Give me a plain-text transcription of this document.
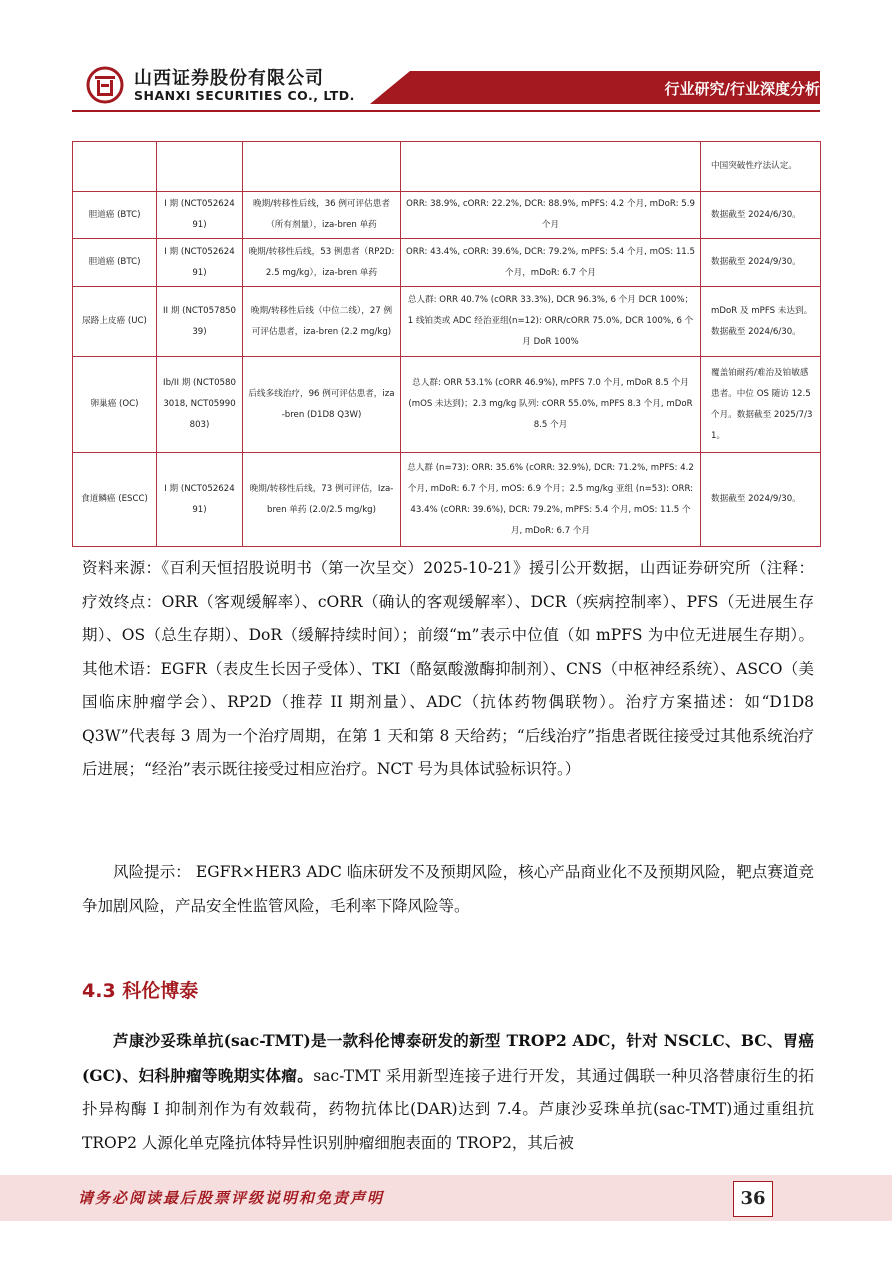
山西证券股份有限公司
SHANXI SECURITIES CO., LTD.	行业研究/行业深度分析
				中国突破性疗法认定。
胆道癌 (BTC)	I 期 (NCT05262491)	晚期/转移性后线，36 例可评估患者（所有剂量），iza-bren 单药	ORR: 38.9%, cORR: 22.2%, DCR: 88.9%, mPFS: 4.2 个月, mDoR: 5.9 个月	数据截至 2024/6/30。
胆道癌 (BTC)	I 期 (NCT05262491)	晚期/转移性后线，53 例患者（RP2D: 2.5 mg/kg），iza-bren 单药	ORR: 43.4%, cORR: 39.6%, DCR: 79.2%, mPFS: 5.4 个月, mOS: 11.5 个月，mDoR: 6.7 个月	数据截至 2024/9/30。
尿路上皮癌 (UC)	II 期 (NCT05785039)	晚期/转移性后线（中位二线），27 例可评估患者，iza-bren (2.2 mg/kg)	总人群: ORR 40.7% (cORR 33.3%), DCR 96.3%, 6 个月 DCR 100%；1 线铂类或 ADC 经治亚组(n=12): ORR/cORR 75.0%, DCR 100%, 6 个月 DoR 100%	mDoR 及 mPFS 未达到。数据截至 2024/6/30。
卵巢癌 (OC)	Ib/II 期 (NCT05803018, NCT05990803)	后线多线治疗，96 例可评估患者，iza-bren (D1D8 Q3W)	总人群: ORR 53.1% (cORR 46.9%), mPFS 7.0 个月, mDoR 8.5 个月 (mOS 未达到)；2.3 mg/kg 队列: cORR 55.0%, mPFS 8.3 个月, mDoR 8.5 个月	覆盖铂耐药/难治及铂敏感患者。中位 OS 随访 12.5 个月。数据截至 2025/7/31。
食道鳞癌 (ESCC)	I 期 (NCT05262491)	晚期/转移性后线，73 例可评估，Iza-bren 单药 (2.0/2.5 mg/kg)	总人群 (n=73): ORR: 35.6% (cORR: 32.9%), DCR: 71.2%, mPFS: 4.2 个月, mDoR: 6.7 个月, mOS: 6.9 个月；2.5 mg/kg 亚组 (n=53): ORR: 43.4% (cORR: 39.6%), DCR: 79.2%, mPFS: 5.4 个月, mOS: 11.5 个月, mDoR: 6.7 个月	数据截至 2024/9/30。
资料来源：《百利天恒招股说明书（第一次呈交）2025-10-21》援引公开数据，山西证券研究所（注释：疗效终点：ORR（客观缓解率）、cORR（确认的客观缓解率）、DCR（疾病控制率）、PFS（无进展生存期）、OS（总生存期）、DoR（缓解持续时间）；前缀“m”表示中位值（如 mPFS 为中位无进展生存期）。其他术语：EGFR（表皮生长因子受体）、TKI（酪氨酸激酶抑制剂）、CNS（中枢神经系统）、ASCO（美国临床肿瘤学会）、RP2D（推荐 II 期剂量）、ADC（抗体药物偶联物）。治疗方案描述：如“D1D8 Q3W”代表每 3 周为一个治疗周期，在第 1 天和第 8 天给药；“后线治疗”指患者既往接受过其他系统治疗后进展；“经治”表示既往接受过相应治疗。NCT 号为具体试验标识符。）
风险提示： EGFR×HER3 ADC 临床研发不及预期风险，核心产品商业化不及预期风险，靶点赛道竞争加剧风险，产品安全性监管风险，毛利率下降风险等。
4.3 科伦博泰
芦康沙妥珠单抗(sac-TMT)是一款科伦博泰研发的新型 TROP2 ADC，针对 NSCLC、BC、胃癌(GC)、妇科肿瘤等晚期实体瘤。sac-TMT 采用新型连接子进行开发，其通过偶联一种贝洛替康衍生的拓扑异构酶 I 抑制剂作为有效载荷，药物抗体比(DAR)达到 7.4。芦康沙妥珠单抗(sac-TMT)通过重组抗 TROP2 人源化单克隆抗体特异性识别肿瘤细胞表面的 TROP2，其后被
请务必阅读最后股票评级说明和免责声明	36
